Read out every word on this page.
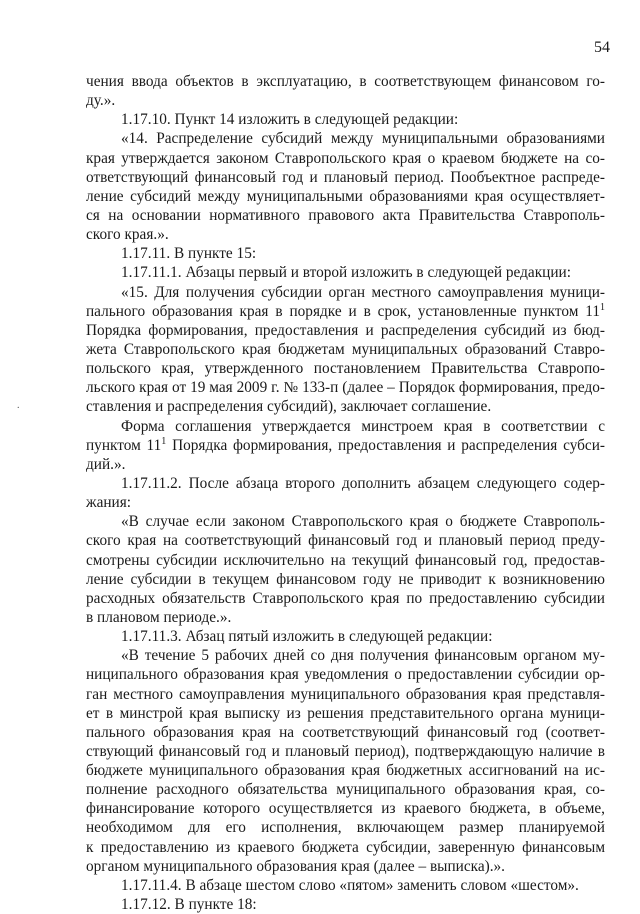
54
.
чения ввода объектов в эксплуатацию, в соответствующем финансовом го-
ду.».
1.17.10. Пункт 14 изложить в следующей редакции:
«14. Распределение субсидий между муниципальными образованиями
края утверждается законом Ставропольского края о краевом бюджете на со-
ответствующий финансовый год и плановый период. Пообъектное распреде-
ление субсидий между муниципальными образованиями края осуществляет-
ся на основании нормативного правового акта Правительства Ставрополь-
ского края.».
1.17.11. В пункте 15:
1.17.11.1. Абзацы первый и второй изложить в следующей редакции:
«15. Для получения субсидии орган местного самоуправления муници-
пального образования края в порядке и в срок, установленные пунктом $11^1$
Порядка формирования, предоставления и распределения субсидий из бюд-
жета Ставропольского края бюджетам муниципальных образований Ставро-
польского края, утвержденного постановлением Правительства Ставропо-
льского края от 19 мая 2009 г. № 133-п (далее – Порядок формирования, предо-
ставления и распределения субсидий), заключает соглашение.
Форма соглашения утверждается минстроем края в соответствии с
пунктом $11^1$ Порядка формирования, предоставления и распределения субси-
дий.».
1.17.11.2. После абзаца второго дополнить абзацем следующего содер-
жания:
«В случае если законом Ставропольского края о бюджете Ставрополь-
ского края на соответствующий финансовый год и плановый период преду-
смотрены субсидии исключительно на текущий финансовый год, предостав-
ление субсидии в текущем финансовом году не приводит к возникновению
расходных обязательств Ставропольского края по предоставлению субсидии
в плановом периоде.».
1.17.11.3. Абзац пятый изложить в следующей редакции:
«В течение 5 рабочих дней со дня получения финансовым органом му-
ниципального образования края уведомления о предоставлении субсидии ор-
ган местного самоуправления муниципального образования края представля-
ет в минстрой края выписку из решения представительного органа муници-
пального образования края на соответствующий финансовый год (соответ-
ствующий финансовый год и плановый период), подтверждающую наличие в
бюджете муниципального образования края бюджетных ассигнований на ис-
полнение расходного обязательства муниципального образования края, со-
финансирование которого осуществляется из краевого бюджета, в объеме,
необходимом для его исполнения, включающем размер планируемой
к предоставлению из краевого бюджета субсидии, заверенную финансовым
органом муниципального образования края (далее – выписка).».
1.17.11.4. В абзаце шестом слово «пятом» заменить словом «шестом».
1.17.12. В пункте 18:
